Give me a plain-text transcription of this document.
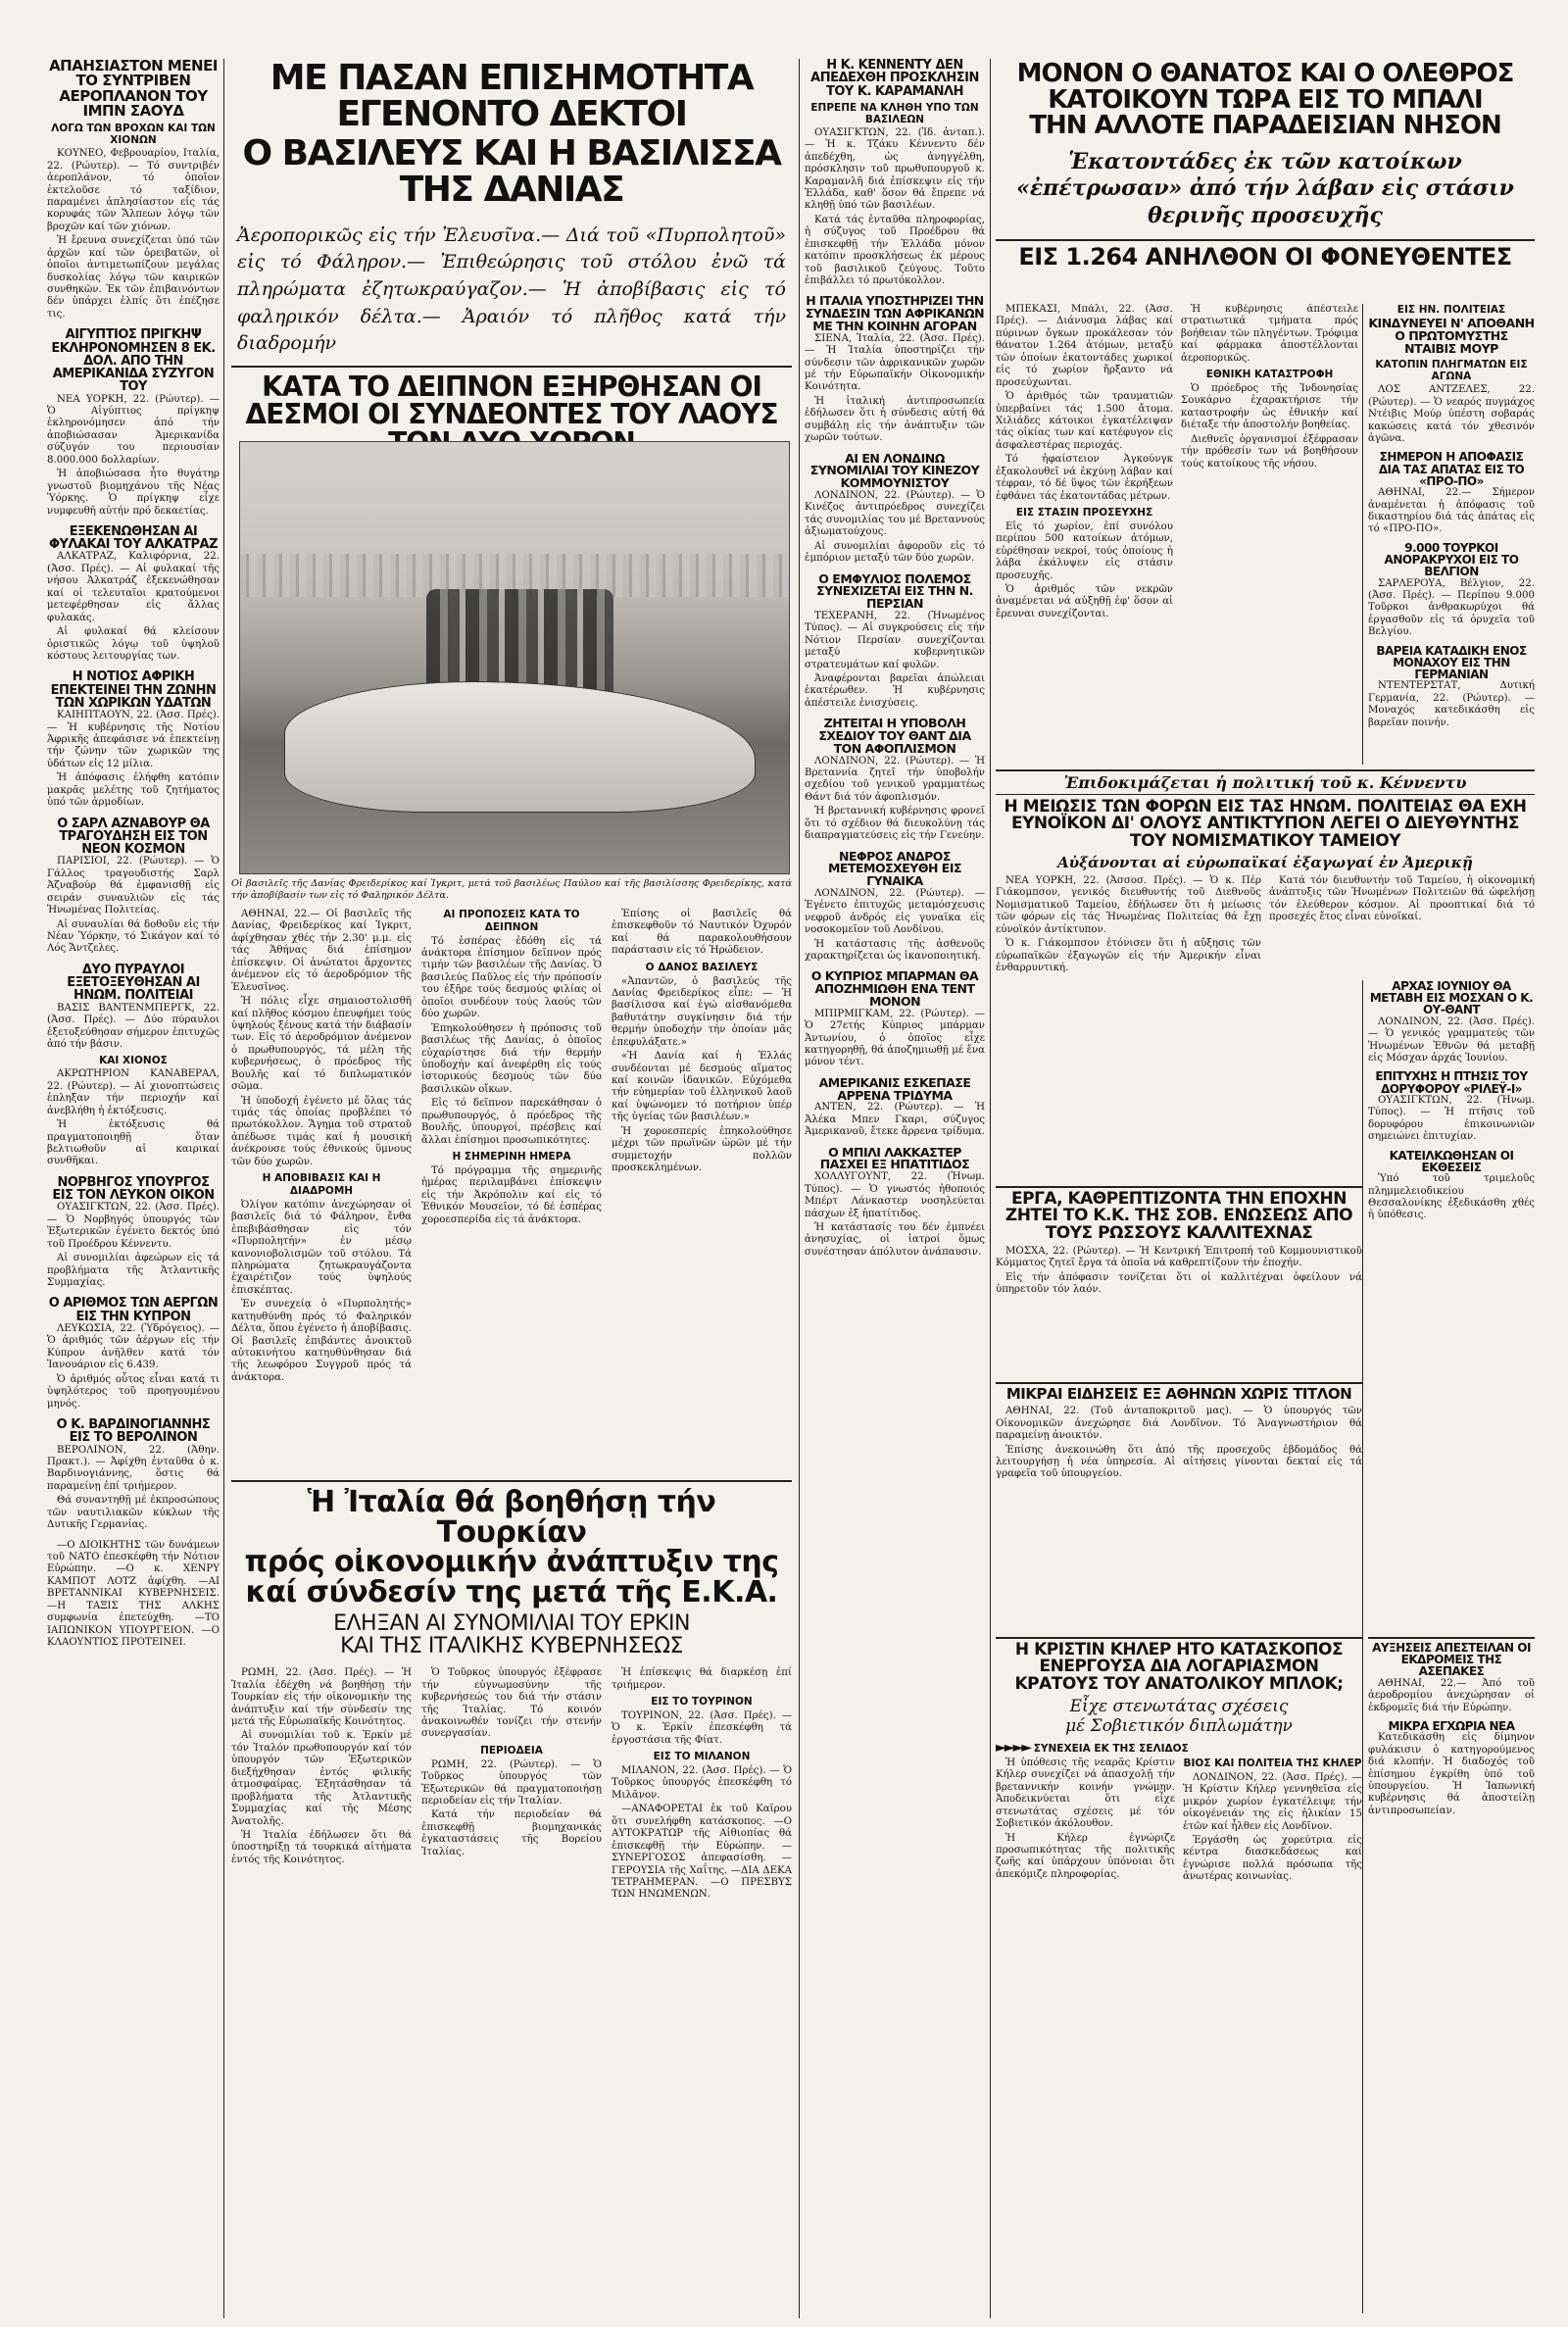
ΑΠΑΗΣΙΑΣΤΟΝ ΜΕΝΕΙ ΤΟ ΣΥΝΤΡΙΒΕΝ ΑΕΡΟΠΛΑΝΟΝ ΤΟΥ ΙΜΠΝ ΣΑΟΥΔ
ΛΟΓΩ ΤΩΝ ΒΡΟΧΩΝ ΚΑΙ ΤΩΝ ΧΙΟΝΩΝ

ΚΟΥΝΕΟ, Φεβρουαρίου, Ιταλία, 22. (Ρώυτερ). — Τό συντριβέν ἀεροπλάνον, τό ὁποῖον ἐκτελοῦσε τό ταξίδιον, παραμένει ἀπλησίαστον εἰς τάς κορυφάς τῶν Ἄλπεων λόγῳ τῶν βροχῶν καί τῶν χιόνων.

Ἡ ἔρευνα συνεχίζεται ὑπό τῶν ἀρχῶν καί τῶν ὀρειβατῶν, οἱ ὁποῖοι ἀντιμετωπίζουν μεγάλας δυσκολίας λόγῳ τῶν καιρικῶν συνθηκῶν. Ἐκ τῶν ἐπιβαινόντων δέν ὑπάρχει ἐλπίς ὅτι ἐπέζησε τις.

ΑΙΓΥΠΤΙΟΣ ΠΡΙΓΚΗΨ ΕΚΛΗΡΟΝΟΜΗΣΕΝ 8 ΕΚ. ΔΟΛ. ΑΠΟ ΤΗΝ ΑΜΕΡΙΚΑΝΙΔΑ ΣΥΖΥΓΟΝ ΤΟΥ

ΝΕΑ ΥΟΡΚΗ, 22. (Ρώυτερ). — Ὁ Αἰγύπτιος πρίγκηψ ἐκληρονόμησεν ἀπό τήν ἀποβιώσασαν Ἀμερικανίδα σύζυγόν του περιουσίαν 8.000.000 δολλαρίων.

Ἡ ἀποβιώσασα ἦτο θυγάτηρ γνωστοῦ βιομηχάνου τῆς Νέας Ὑόρκης. Ὁ πρίγκηψ εἶχε νυμφευθῆ αὐτήν πρό δεκαετίας.

ΕΞΕΚΕΝΩΘΗΣΑΝ ΑΙ ΦΥΛΑΚΑΙ ΤΟΥ ΑΛΚΑΤΡΑΖ

ΑΛΚΑΤΡΑΖ, Καλιφόρνια, 22. (Ἀσσ. Πρές). — Αἱ φυλακαί τῆς νήσου Ἀλκατράζ ἐξεκενώθησαν καί οἱ τελευταῖοι κρατούμενοι μετεφέρθησαν εἰς ἄλλας φυλακάς.

Αἱ φυλακαί θά κλείσουν ὁριστικῶς λόγῳ τοῦ ὑψηλοῦ κόστους λειτουργίας των.

Η ΝΟΤΙΟΣ ΑΦΡΙΚΗ ΕΠΕΚΤΕΙΝΕΙ ΤΗΝ ΖΩΝΗΝ ΤΩΝ ΧΩΡΙΚΩΝ ΥΔΑΤΩΝ

ΚΑΙΗΠΤΑΟΥΝ, 22. (Ἀσσ. Πρές). — Ἡ κυβέρνησις τῆς Νοτίου Ἀφρικῆς ἀπεφάσισε νά ἐπεκτείνῃ τήν ζώνην τῶν χωρικῶν της ὑδάτων εἰς 12 μίλια.

Ἡ ἀπόφασις ἐλήφθη κατόπιν μακρᾶς μελέτης τοῦ ζητήματος ὑπό τῶν ἁρμοδίων.

Ο ΣΑΡΛ ΑΖΝΑΒΟΥΡ ΘΑ ΤΡΑΓΟΥΔΗΣΗ ΕΙΣ ΤΟΝ ΝΕΟΝ ΚΟΣΜΟΝ

ΠΑΡΙΣΙΟΙ, 22. (Ρώυτερ). — Ὁ Γάλλος τραγουδιστής Σαρλ Ἀζναβούρ θά ἐμφανισθῇ εἰς σειράν συναυλιῶν εἰς τάς Ἡνωμένας Πολιτείας.

Αἱ συναυλίαι θά δοθοῦν εἰς τήν Νέαν Ὑόρκην, τό Σικάγον καί τό Λός Ἄντζελες.

ΔΥΟ ΠΥΡΑΥΛΟΙ ΕΞΕΤΟΞΕΥΘΗΣΑΝ ΑΙ ΗΝΩΜ. ΠΟΛΙΤΕΙΑΙ

ΒΑΣΙΣ ΒΑΝΤΕΝΜΠΕΡΓΚ, 22. (Ἀσσ. Πρές). — Δύο πύραυλοι ἐξετοξεύθησαν σήμερον ἐπιτυχῶς ἀπό τήν βάσιν.

ΚΑΙ ΧΙΟΝΟΣ

ΑΚΡΩΤΗΡΙΟΝ ΚΑΝΑΒΕΡΑΛ, 22. (Ρώυτερ). — Αἱ χιονοπτώσεις ἐπληξαν τήν περιοχήν καί ἀνεβλήθη ἡ ἐκτόξευσις.

Ἡ ἐκτόξευσις θά πραγματοποιηθῇ ὅταν βελτιωθοῦν αἱ καιρικαί συνθῆκαι.

ΝΟΡΒΗΓΟΣ ΥΠΟΥΡΓΟΣ ΕΙΣ ΤΟΝ ΛΕΥΚΟΝ ΟΙΚΟΝ

ΟΥΑΣΙΓΚΤΩΝ, 22. (Ἀσσ. Πρές). — Ὁ Νορβηγός ὑπουργός τῶν Ἐξωτερικῶν ἐγένετο δεκτός ὑπό τοῦ Προέδρου Κέννεντυ.

Αἱ συνομιλίαι ἀφεώρων εἰς τά προβλήματα τῆς Ἀτλαντικῆς Συμμαχίας.

Ο ΑΡΙΘΜΟΣ ΤΩΝ ΑΕΡΓΩΝ ΕΙΣ ΤΗΝ ΚΥΠΡΟΝ

ΛΕΥΚΩΣΙΑ, 22. (Ὑδρόγειος). — Ὁ ἀριθμός τῶν ἀέργων εἰς τήν Κύπρον ἀνῆλθεν κατά τόν Ἰανουάριον εἰς 6.439.

Ὁ ἀριθμός οὗτος εἶναι κατά τι ὑψηλότερος τοῦ προηγουμένου μηνός.

Ο Κ. ΒΑΡΔΙΝΟΓΙΑΝΝΗΣ ΕΙΣ ΤΟ ΒΕΡΟΛΙΝΟΝ

ΒΕΡΟΛΙΝΟΝ, 22. (Ἀθην. Πρακτ.). — Ἀφίχθη ἐνταῦθα ὁ κ. Βαρδινογιάννης, ὅστις θά παραμείνῃ ἐπί τριήμερον.

Θά συναντηθῇ μέ ἐκπροσώπους τῶν ναυτιλιακῶν κύκλων τῆς Δυτικῆς Γερμανίας.

—Ο ΔΙΟΙΚΗΤΗΣ τῶν δυνάμεων τοῦ ΝΑΤΟ ἐπεσκέφθη τήν Νότιον Εὐρώπην. —Ο κ. ΧΕΝΡΥ ΚΑΜΠΟΤ ΛΟΤΖ ἀφίχθη. —ΑΙ ΒΡΕΤΑΝΝΙΚΑΙ ΚΥΒΕΡΝΗΣΕΙΣ. —Η ΤΑΞΙΣ ΤΗΣ ΑΛΚΗΣ συμφωνία ἐπετεύχθη. —ΤΟ ΙΑΠΩΝΙΚΟΝ ΥΠΟΥΡΓΕΙΟΝ. —Ο ΚΛΑΟΥΝΤΙΟΣ ΠΡΟΤΕΙΝΕΙ.

ΜΕ ΠΑΣΑΝ ΕΠΙΣΗΜΟΤΗΤΑ ΕΓΕΝΟΝΤΟ ΔΕΚΤΟΙ
Ο ΒΑΣΙΛΕΥΣ ΚΑΙ Η ΒΑΣΙΛΙΣΣΑ ΤΗΣ ΔΑΝΙΑΣ
Ἀεροπορικῶς εἰς τήν Ἐλευσῖνα.— Διά τοῦ «Πυρπολητοῦ» εἰς τό Φάληρον.— Ἐπιθεώρησις τοῦ στόλου ἐνῶ τά πληρώματα ἐζητωκραύγαζον.— Ἡ ἀποβίβασις εἰς τό φαληρικόν δέλτα.— Ἀραιόν τό πλῆθος κατά τήν διαδρομήν
ΚΑΤΑ ΤΟ ΔΕΙΠΝΟΝ ΕΞΗΡΘΗΣΑΝ ΟΙ ΔΕΣΜΟΙ ΟΙ ΣΥΝΔΕΟΝΤΕΣ ΤΟΥ ΛΑΟΥΣ
Οἱ βασιλεῖς τῆς Δανίας Φρειδερίκος καί Ἰγκριτ, μετά τοῦ βασιλέως Παύλου καί τῆς βασιλίσσης Φρειδερίκης, κατά τήν ἀποβίβασίν των εἰς τό Φαληρικόν Δέλτα.

ΑΘΗΝΑΙ, 22.— Οἱ βασιλεῖς τῆς Δανίας, Φρειδερίκος καί Ἰγκριτ, ἀφίχθησαν χθές τήν 2.30' μ.μ. εἰς τάς Ἀθήνας διά ἐπίσημον ἐπίσκεψιν. Οἱ ἀνώτατοι ἄρχοντες ἀνέμενον εἰς τό ἀεροδρόμιον τῆς Ἐλευσῖνος.

Ἡ πόλις εἶχε σημαιοστολισθῆ καί πλῆθος κόσμου ἐπευφήμει τούς ὑψηλούς ξένους κατά τήν διάβασίν των. Εἰς τό ἀεροδρόμιον ἀνέμενον ὁ πρωθυπουργός, τά μέλη τῆς κυβερνήσεως, ὁ πρόεδρος τῆς Βουλῆς καί τό διπλωματικόν σῶμα.

Ἡ ὑποδοχή ἐγένετο μέ ὅλας τάς τιμάς τάς ὁποίας προβλέπει τό πρωτόκολλον. Ἄγημα τοῦ στρατοῦ ἀπέδωσε τιμάς καί ἡ μουσική ἀνέκρουσε τούς ἐθνικούς ὕμνους τῶν δύο χωρῶν.

Η ΑΠΟΒΙΒΑΣΙΣ ΚΑΙ Η ΔΙΑΔΡΟΜΗ

Ὀλίγον κατόπιν ἀνεχώρησαν οἱ βασιλεῖς διά τό Φάληρον, ἔνθα ἐπεβιβάσθησαν εἰς τόν «Πυρπολητήν» ἐν μέσῳ κανονιοβολισμῶν τοῦ στόλου. Τά πληρώματα ζητωκραυγάζοντα ἐχαιρέτιζον τούς ὑψηλούς ἐπισκέπτας.

Ἐν συνεχείᾳ ὁ «Πυρπολητής» κατηυθύνθη πρός τό Φαληρικόν Δέλτα, ὅπου ἐγένετο ἡ ἀποβίβασις. Οἱ βασιλεῖς ἐπιβάντες ἀνοικτοῦ αὐτοκινήτου κατηυθύνθησαν διά τῆς λεωφόρου Συγγροῦ πρός τά ἀνάκτορα.

ΑΙ ΠΡΟΠΟΣΕΙΣ ΚΑΤΑ ΤΟ ΔΕΙΠΝΟΝ

Τό ἑσπέρας ἐδόθη εἰς τά ἀνάκτορα ἐπίσημον δεῖπνον πρός τιμήν τῶν βασιλέων τῆς Δανίας. Ὁ βασιλεύς Παῦλος εἰς τήν πρόποσίν του ἐξῆρε τούς δεσμούς φιλίας οἱ ὁποῖοι συνδέουν τούς λαούς τῶν δύο χωρῶν.

Ἐπηκολούθησεν ἡ πρόποσις τοῦ βασιλέως τῆς Δανίας, ὁ ὁποῖος εὐχαρίστησε διά τήν θερμήν ὑποδοχήν καί ἀνεφέρθη εἰς τούς ἱστορικούς δεσμούς τῶν δύο βασιλικῶν οἴκων.

Εἰς τό δεῖπνον παρεκάθησαν ὁ πρωθυπουργός, ὁ πρόεδρος τῆς Βουλῆς, ὑπουργοί, πρέσβεις καί ἄλλαι ἐπίσημοι προσωπικότητες.

Η ΣΗΜΕΡΙΝΗ ΗΜΕΡΑ

Τό πρόγραμμα τῆς σημερινῆς ἡμέρας περιλαμβάνει ἐπίσκεψιν εἰς τήν Ἀκρόπολιν καί εἰς τό Ἐθνικόν Μουσεῖον, τό δέ ἑσπέρας χοροεσπερίδα εἰς τά ἀνάκτορα.

Ἐπίσης οἱ βασιλεῖς θά ἐπισκεφθοῦν τό Ναυτικόν Ὀχυρόν καί θά παρακολουθήσουν παράστασιν εἰς τό Ἡρώδειον.

Ο ΔΑΝΟΣ ΒΑΣΙΛΕΥΣ

«Ἀπαντῶν, ὁ βασιλεύς τῆς Δανίας Φρειδερίκος εἶπε: — Ἡ βασίλισσα καί ἐγώ αἰσθανόμεθα βαθυτάτην συγκίνησιν διά τήν θερμήν ὑποδοχήν τήν ὁποίαν μᾶς ἐπεφυλάξατε.»

«Ἡ Δανία καί ἡ Ἑλλάς συνδέονται μέ δεσμούς αἵματος καί κοινῶν ἰδανικῶν. Εὐχόμεθα τήν εὐημερίαν τοῦ ἑλληνικοῦ λαοῦ καί ὑψώνομεν τό ποτήριον ὑπέρ τῆς ὑγείας τῶν βασιλέων.»

Ἡ χοροεσπερίς ἐπηκολούθησε μέχρι τῶν πρωϊνῶν ὡρῶν μέ τήν συμμετοχήν πολλῶν προσκεκλημένων.

Ἡ Ἰταλία θά βοηθήσῃ τήν Τουρκίαν
πρός οἰκονομικήν ἀνάπτυξιν της
καί σύνδεσίν της μετά τῆς Ε.Κ.Α.
ΕΛΗΞΑΝ ΑΙ ΣΥΝΟΜΙΛΙΑΙ ΤΟΥ ΕΡΚΙΝ
ΚΑΙ ΤΗΣ ΙΤΑΛΙΚΗΣ ΚΥΒΕΡΝΗΣΕΩΣ

ΡΩΜΗ, 22. (Ἀσσ. Πρές). — Ἡ Ἰταλία ἐδέχθη νά βοηθήσῃ τήν Τουρκίαν εἰς τήν οἰκονομικήν της ἀνάπτυξιν καί τήν σύνδεσίν της μετά τῆς Εὐρωπαϊκῆς Κοινότητος.

Αἱ συνομιλίαι τοῦ κ. Ἐρκίν μέ τόν Ἰταλόν πρωθυπουργόν καί τόν ὑπουργόν τῶν Ἐξωτερικῶν διεξήχθησαν ἐντός φιλικῆς ἀτμοσφαίρας. Ἐξητάσθησαν τά προβλήματα τῆς Ἀτλαντικῆς Συμμαχίας καί τῆς Μέσης Ἀνατολῆς.

Ἡ Ἰταλία ἐδήλωσεν ὅτι θά ὑποστηρίξῃ τά τουρκικά αἰτήματα ἐντός τῆς Κοινότητος.

Ὁ Τοῦρκος ὑπουργός ἐξέφρασε τήν εὐγνωμοσύνην τῆς κυβερνήσεώς του διά τήν στάσιν τῆς Ἰταλίας. Τό κοινόν ἀνακοινωθέν τονίζει τήν στενήν συνεργασίαν.

ΠΕΡΙΟΔΕΙΑ

ΡΩΜΗ, 22. (Ρώυτερ). — Ὁ Τοῦρκος ὑπουργός τῶν Ἐξωτερικῶν θά πραγματοποιήσῃ περιοδείαν εἰς τήν Ἰταλίαν.

Κατά τήν περιοδείαν θά ἐπισκεφθῇ βιομηχανικάς ἐγκαταστάσεις τῆς Βορείου Ἰταλίας.

Ἡ ἐπίσκεψις θά διαρκέσῃ ἐπί τριήμερον.

ΕΙΣ ΤΟ ΤΟΥΡΙΝΟΝ

ΤΟΥΡΙΝΟΝ, 22. (Ἀσσ. Πρές). — Ὁ κ. Ἐρκίν ἐπεσκέφθη τά ἐργοστάσια τῆς Φίατ.

ΕΙΣ ΤΟ ΜΙΛΑΝΟΝ

ΜΙΛΑΝΟΝ, 22. (Ἀσσ. Πρές). — Ὁ Τοῦρκος ὑπουργός ἐπεσκέφθη τό Μιλᾶνον.

—ΑΝΑΦΟΡΕΤΑΙ ἐκ τοῦ Καϊρου ὅτι συνελήφθη κατάσκοπος. —Ο ΑΥΤΟΚΡΑΤΩΡ τῆς Αἰθιοπίας θά ἐπισκεφθῇ τήν Εὐρώπην. —ΣΥΝΕΡΓΟΣΟΣ ἀπεφασίσθη. —ΓΕΡΟΥΣΙΑ τῆς Χαΐτης. —ΔΙΑ ΔΕΚΑ ΤΕΤΡΑΗΜΕΡΑΝ. —Ο ΠΡΕΣΒΥΣ ΤΩΝ ΗΝΩΜΕΝΩΝ.

Η Κ. ΚΕΝΝΕΝΤΥ ΔΕΝ ΑΠΕΔΕΧΘΗ ΠΡΟΣΚΛΗΣΙΝ ΤΟΥ Κ. ΚΑΡΑΜΑΝΛΗ
ΕΠΡΕΠΕ ΝΑ ΚΛΗΘΗ ΥΠΟ ΤΩΝ ΒΑΣΙΛΕΩΝ

ΟΥΑΣΙΓΚΤΩΝ, 22. (Ἰδ. ἀνταπ.). — Ἡ κ. Τζάκυ Κέννεντυ δέν ἀπεδέχθη, ὡς ἀνηγγέλθη, πρόσκλησιν τοῦ πρωθυπουργοῦ κ. Καραμανλῆ διά ἐπίσκεψιν εἰς τήν Ἑλλάδα, καθ' ὅσον θά ἔπρεπε νά κληθῇ ὑπό τῶν βασιλέων.

Κατά τάς ἐνταῦθα πληροφορίας, ἡ σύζυγος τοῦ Προέδρου θά ἐπισκεφθῇ τήν Ἑλλάδα μόνον κατόπιν προσκλήσεως ἐκ μέρους τοῦ βασιλικοῦ ζεύγους. Τοῦτο ἐπιβάλλει τό πρωτόκολλον.

Η ΙΤΑΛΙΑ ΥΠΟΣΤΗΡΙΖΕΙ ΤΗΝ ΣΥΝΔΕΣΙΝ ΤΩΝ ΑΦΡΙΚΑΝΩΝ ΜΕ ΤΗΝ ΚΟΙΝΗΝ ΑΓΟΡΑΝ

ΣΙΕΝΑ, Ἰταλία, 22. (Ἀσσ. Πρές). — Ἡ Ἰταλία ὑποστηρίζει τήν σύνδεσιν τῶν ἀφρικανικῶν χωρῶν μέ τήν Εὐρωπαϊκήν Οἰκονομικήν Κοινότητα.

Ἡ ἰταλική ἀντιπροσωπεία ἐδήλωσεν ὅτι ἡ σύνδεσις αὐτή θά συμβάλῃ εἰς τήν ἀνάπτυξιν τῶν χωρῶν τούτων.

ΑΙ ΕΝ ΛΟΝΔΙΝΩ ΣΥΝΟΜΙΛΙΑΙ ΤΟΥ ΚΙΝΕΖΟΥ ΚΟΜΜΟΥΝΙΣΤΟΥ

ΛΟΝΔΙΝΟΝ, 22. (Ρώυτερ). — Ὁ Κινέζος ἀντιπρόεδρος συνεχίζει τάς συνομιλίας του μέ Βρεταννούς ἀξιωματούχους.

Αἱ συνομιλίαι ἀφοροῦν εἰς τό ἐμπόριον μεταξύ τῶν δύο χωρῶν.

Ο ΕΜΦΥΛΙΟΣ ΠΟΛΕΜΟΣ ΣΥΝΕΧΙΖΕΤΑΙ ΕΙΣ ΤΗΝ Ν. ΠΕΡΣΙΑΝ

ΤΕΧΕΡΑΝΗ, 22. (Ἡνωμένος Τύπος). — Αἱ συγκρούσεις εἰς τήν Νότιον Περσίαν συνεχίζονται μεταξύ κυβερνητικῶν στρατευμάτων καί φυλῶν.

Ἀναφέρονται βαρεῖαι ἀπώλειαι ἑκατέρωθεν. Ἡ κυβέρνησις ἀπέστειλε ἐνισχύσεις.

ΖΗΤΕΙΤΑΙ Η ΥΠΟΒΟΛΗ ΣΧΕΔΙΟΥ ΤΟΥ ΘΑΝΤ ΔΙΑ ΤΟΝ ΑΦΟΠΛΙΣΜΟΝ

ΛΟΝΔΙΝΟΝ, 22. (Ρώυτερ). — Ἡ Βρεταννία ζητεῖ τήν ὑποβολήν σχεδίου τοῦ γενικοῦ γραμματέως Θάντ διά τόν ἀφοπλισμόν.

Ἡ βρεταννική κυβέρνησις φρονεῖ ὅτι τό σχέδιον θά διευκολύνῃ τάς διαπραγματεύσεις εἰς τήν Γενεύην.

ΝΕΦΡΟΣ ΑΝΔΡΟΣ ΜΕΤΕΜΟΣΧΕΥΘΗ ΕΙΣ ΓΥΝΑΙΚΑ

ΛΟΝΔΙΝΟΝ, 22. (Ρώυτερ). — Ἐγένετο ἐπιτυχῶς μεταμόσχευσις νεφροῦ ἀνδρός εἰς γυναῖκα εἰς νοσοκομεῖον τοῦ Λονδίνου.

Ἡ κατάστασις τῆς ἀσθενοῦς χαρακτηρίζεται ὡς ἱκανοποιητική.

Ο ΚΥΠΡΙΟΣ ΜΠΑΡΜΑΝ ΘΑ ΑΠΟΖΗΜΙΩΘΗ ΕΝΑ ΤΕΝΤ ΜΟΝΟΝ

ΜΠΙΡΜΙΓΚΑΜ, 22. (Ρώυτερ). — Ὁ 27ετής Κύπριος μπάρμαν Ἀντωνίου, ὁ ὁποῖος εἶχε κατηγορηθῇ, θά ἀποζημιωθῇ μέ ἕνα μόνον τέντ.

ΑΜΕΡΙΚΑΝΙΣ ΕΣΚΕΠΑΣΕ ΑΡΡΕΝΑ ΤΡΙΔΥΜΑ

ΑΝΤΕΝ, 22. (Ρώυτερ). — Ἡ Ἀλέκα Μπεν Γκαρι, σύζυγος Ἀμερικανοῦ, ἔτεκε ἄρρενα τρίδυμα.

Ο ΜΠΙΛΙ ΛΑΚΚΑΣΤΕΡ ΠΑΣΧΕΙ ΕΞ ΗΠΑΤΙΤΙΔΟΣ

ΧΟΛΛΥΓΟΥΝΤ, 22. (Ἡνωμ. Τύπος). — Ὁ γνωστός ἠθοποιός Μπέρτ Λάνκαστερ νοσηλεύεται πάσχων ἐξ ἡπατίτιδος.

Ἡ κατάστασίς του δέν ἐμπνέει ἀνησυχίας, οἱ ἰατροί ὅμως συνέστησαν ἀπόλυτον ἀνάπαυσιν.

ΜΟΝΟΝ Ο ΘΑΝΑΤΟΣ ΚΑΙ Ο ΟΛΕΘΡΟΣ
ΚΑΤΟΙΚΟΥΝ ΤΩΡΑ ΕΙΣ ΤΟ ΜΠΑΛΙ
ΤΗΝ ΑΛΛΟΤΕ ΠΑΡΑΔΕΙΣΙΑΝ ΝΗΣΟΝ
Ἑκατοντάδες ἐκ τῶν κατοίκων «ἐπέτρωσαν» ἀπό τήν λάβαν εἰς στάσιν θερινῆς προσευχῆς
ΕΙΣ 1.264 ΑΝΗΛΘΟΝ ΟΙ ΦΟΝΕΥΘΕΝΤΕΣ

ΜΠΕΚΑΣΙ, Μπάλι, 22. (Ἀσσ. Πρές). — Διάνυσμα λάβας καί πύρινων ὄγκων προκάλεσαν τόν θάνατον 1.264 ἀτόμων, μεταξύ τῶν ὁποίων ἑκατοντάδες χωρικοί εἰς τό χωρίον ἤρξαντο νά προσεύχωνται.

Ὁ ἀριθμός τῶν τραυματιῶν ὑπερβαίνει τάς 1.500 ἄτομα. Χιλιάδες κάτοικοι ἐγκατέλειψαν τάς οἰκίας των καί κατέφυγον εἰς ἀσφαλεστέρας περιοχάς.

Τό ἡφαίστειον Ἀγκούνγκ ἐξακολουθεῖ νά ἐκχύνῃ λάβαν καί τέφραν, τό δέ ὕψος τῶν ἐκρήξεων ἐφθάνει τάς ἑκατοντάδας μέτρων.

ΕΙΣ ΣΤΑΣΙΝ ΠΡΟΣΕΥΧΗΣ

Εἰς τό χωρίον, ἐπί συνόλου περίπου 500 κατοίκων ἀτόμων, εὑρέθησαν νεκροί, τούς ὁποίους ἡ λάβα ἐκάλυψεν εἰς στάσιν προσευχῆς.

Ὁ ἀριθμός τῶν νεκρῶν ἀναμένεται νά αὐξηθῇ ἐφ' ὅσον αἱ ἔρευναι συνεχίζονται.

Ἡ κυβέρνησις ἀπέστειλε στρατιωτικά τμήματα πρός βοήθειαν τῶν πληγέντων. Τρόφιμα καί φάρμακα ἀποστέλλονται ἀεροπορικῶς.

ΕΘΝΙΚΗ ΚΑΤΑΣΤΡΟΦΗ

Ὁ πρόεδρος τῆς Ἰνδονησίας Σουκάρνο ἐχαρακτήρισε τήν καταστροφήν ὡς ἐθνικήν καί διέταξε τήν ἀποστολήν βοηθείας.

Διεθνεῖς ὀργανισμοί ἐξέφρασαν τήν πρόθεσίν των νά βοηθήσουν τούς κατοίκους τῆς νήσου.

ΕΙΣ ΗΝ. ΠΟΛΙΤΕΙΑΣ
ΚΙΝΔΥΝΕΥΕΙ Ν' ΑΠΟΘΑΝΗ Ο ΠΡΩΤΟΜΥΣΤΗΣ ΝΤΑΙΒΙΣ ΜΟΥΡ
ΚΑΤΟΠΙΝ ΠΛΗΓΜΑΤΩΝ ΕΙΣ ΑΓΩΝΑ

ΛΟΣ ΑΝΤΖΕΛΕΣ, 22. (Ρώυτερ). — Ὁ νεαρός πυγμάχος Ντέιβις Μούρ ὑπέστη σοβαράς κακώσεις κατά τόν χθεσινόν ἀγῶνα.

ΣΗΜΕΡΟΝ Η ΑΠΟΦΑΣΙΣ ΔΙΑ ΤΑΣ ΑΠΑΤΑΣ ΕΙΣ ΤΟ «ΠΡΟ-ΠΟ»

ΑΘΗΝΑΙ, 22.— Σήμερον ἀναμένεται ἡ ἀπόφασις τοῦ δικαστηρίου διά τάς ἀπάτας εἰς τό «ΠΡΟ-ΠΟ».

9.000 ΤΟΥΡΚΟΙ ΑΝΟΡΑΚΡΥΧΟΙ ΕΙΣ ΤΟ ΒΕΛΓΙΟΝ

ΣΑΡΛΕΡΟΥΑ, Βέλγιον, 22. (Ἀσσ. Πρές). — Περίπου 9.000 Τοῦρκοι ἀνθρακωρύχοι θά ἐργασθοῦν εἰς τά ὀρυχεῖα τοῦ Βελγίου.

ΒΑΡΕΙΑ ΚΑΤΑΔΙΚΗ ΕΝΟΣ ΜΟΝΑΧΟΥ ΕΙΣ ΤΗΝ ΓΕΡΜΑΝΙΑΝ

ΝΤΕΝΤΕΡΣΤΑΤ, Δυτική Γερμανία, 22. (Ρώυτερ). — Μοναχός κατεδικάσθη εἰς βαρεῖαν ποινήν.

Ἐπιδοκιμάζεται ἡ πολιτική τοῦ κ. Κέννεντυ
Η ΜΕΙΩΣΙΣ ΤΩΝ ΦΟΡΩΝ ΕΙΣ ΤΑΣ ΗΝΩΜ. ΠΟΛΙΤΕΙΑΣ ΘΑ ΕΧΗ ΕΥΝΟΪΚΟΝ ΔΙ' ΟΛΟΥΣ ΑΝΤΙΚΤΥΠΟΝ ΛΕΓΕΙ Ο ΔΙΕΥΘΥΝΤΗΣ ΤΟΥ ΝΟΜΙΣΜΑΤΙΚΟΥ ΤΑΜΕΙΟΥ
Αὐξάνονται αἱ εὐρωπαϊκαί ἐξαγωγαί ἐν Ἀμερικῇ

ΝΕΑ ΥΟΡΚΗ, 22. (Ἀσσοσ. Πρές). — Ὁ κ. Πέρ Γιάκομπσον, γενικός διευθυντής τοῦ Διεθνοῦς Νομισματικοῦ Ταμείου, ἐδήλωσεν ὅτι ἡ μείωσις τῶν φόρων εἰς τάς Ἡνωμένας Πολιτείας θά ἔχῃ εὐνοϊκόν ἀντίκτυπον.

Ὁ κ. Γιάκομπσον ἐτόνισεν ὅτι ἡ αὔξησις τῶν εὐρωπαϊκῶν ἐξαγωγῶν εἰς τήν Ἀμερικήν εἶναι ἐνθαρρυντική.

Κατά τόν διευθυντήν τοῦ Ταμείου, ἡ οἰκονομική ἀνάπτυξις τῶν Ἡνωμένων Πολιτειῶν θά ὠφελήσῃ τόν ἐλεύθερον κόσμον. Αἱ προοπτικαί διά τό προσεχές ἔτος εἶναι εὐνοϊκαί.

ΑΡΧΑΣ ΙΟΥΝΙΟΥ ΘΑ ΜΕΤΑΒΗ ΕΙΣ ΜΟΣΧΑΝ Ο Κ. ΟΥ-ΘΑΝΤ

ΛΟΝΔΙΝΟΝ, 22. (Ἀσσ. Πρές). — Ὁ γενικός γραμματεύς τῶν Ἡνωμένων Ἐθνῶν θά μεταβῇ εἰς Μόσχαν ἀρχάς Ἰουνίου.

ΕΠΙΤΥΧΗΣ Η ΠΤΗΣΙΣ ΤΟΥ ΔΟΡΥΦΟΡΟΥ «ΡΙΛΕΫ-Ι»

ΟΥΑΣΙΓΚΤΩΝ, 22. (Ἡνωμ. Τύπος). — Ἡ πτῆσις τοῦ δορυφόρου ἐπικοινωνιῶν σημειώνει ἐπιτυχίαν.

ΚΑΤΕΙΛΚΩΘΗΣΑΝ ΟΙ ΕΚΘΕΣΕΙΣ

Ὑπό τοῦ τριμελοῦς πλημμελειοδικείου Θεσσαλονίκης ἐξεδικάσθη χθές ἡ ὑπόθεσις.

ΕΡΓΑ, ΚΑΘΡΕΠΤΙΖΟΝΤΑ ΤΗΝ ΕΠΟΧΗΝ ΖΗΤΕΙ ΤΟ Κ.Κ. ΤΗΣ ΣΟΒ. ΕΝΩΣΕΩΣ ΑΠΟ ΤΟΥΣ ΡΩΣΣΟΥΣ ΚΑΛΛΙΤΕΧΝΑΣ

ΜΟΣΧΑ, 22. (Ρώυτερ). — Ἡ Κεντρική Ἐπιτροπή τοῦ Κομμουνιστικοῦ Κόμματος ζητεῖ ἔργα τά ὁποῖα νά καθρεπτίζουν τήν ἐποχήν.

Εἰς τήν ἀπόφασιν τονίζεται ὅτι οἱ καλλιτέχναι ὀφείλουν νά ὑπηρετοῦν τόν λαόν.

ΜΙΚΡΑΙ ΕΙΔΗΣΕΙΣ ΕΞ ΑΘΗΝΩΝ ΧΩΡΙΣ ΤΙΤΛΟΝ

ΑΘΗΝΑΙ, 22. (Τοῦ ἀνταποκριτοῦ μας). — Ὁ ὑπουργός τῶν Οἰκονομικῶν ἀνεχώρησε διά Λονδῖνον. Τό Ἀναγνωστήριον θά παραμείνῃ ἀνοικτόν.

Ἐπίσης ἀνεκοινώθη ὅτι ἀπό τῆς προσεχοῦς ἑβδομάδος θά λειτουργήσῃ ἡ νέα ὑπηρεσία. Αἱ αἰτήσεις γίνονται δεκταί εἰς τά γραφεῖα τοῦ ὑπουργείου.

Η ΚΡΙΣΤΙΝ ΚΗΛΕΡ ΗΤΟ ΚΑΤΑΣΚΟΠΟΣ ΕΝΕΡΓΟΥΣΑ ΔΙΑ ΛΟΓΑΡΙΑΣΜΟΝ ΚΡΑΤΟΥΣ ΤΟΥ ΑΝΑΤΟΛΙΚΟΥ ΜΠΛΟΚ;
Εἶχε στενωτάτας σχέσεις
μέ Σοβιετικόν διπλωμάτην
►►►► ΣΥΝΕΧΕΙΑ ΕΚ ΤΗΣ ΣΕΛΙΔΟΣ

Ἡ ὑπόθεσις τῆς νεαρᾶς Κρίστιν Κήλερ συνεχίζει νά ἀπασχολῇ τήν βρεταννικήν κοινήν γνώμην. Ἀποδεικνύεται ὅτι εἶχε στενωτάτας σχέσεις μέ τόν Σοβιετικόν ἀκόλουθον.

Ἡ Κήλερ ἐγνώριζε προσωπικότητας τῆς πολιτικῆς ζωῆς καί ὑπάρχουν ὑπόνοιαι ὅτι ἀπεκόμιζε πληροφορίας.

ΒΙΟΣ ΚΑΙ ΠΟΛΙΤΕΙΑ ΤΗΣ ΚΗΛΕΡ

ΛΟΝΔΙΝΟΝ, 22. (Ἀσσ. Πρές). — Ἡ Κρίστιν Κήλερ γεννηθεῖσα εἰς μικρόν χωρίον ἐγκατέλειψε τήν οἰκογένειάν της εἰς ἡλικίαν 15 ἐτῶν καί ἦλθεν εἰς Λονδῖνον.

Ἐργάσθη ὡς χορεύτρια εἰς κέντρα διασκεδάσεως καί ἐγνώρισε πολλά πρόσωπα τῆς ἀνωτέρας κοινωνίας.

ΑΥΞΗΣΕΙΣ ΑΠΕΣΤΕΙΛΑΝ ΟΙ ΕΚΔΡΟΜΕΙΣ ΤΗΣ ΑΣΕΠΑΚΕΣ

ΑΘΗΝΑΙ, 22.— Ἀπό τοῦ ἀεροδρομίου ἀνεχώρησαν οἱ ἐκδρομεῖς διά τήν Εὐρώπην.

ΜΙΚΡΑ ΕΓΧΩΡΙΑ ΝΕΑ

Κατεδικάσθη εἰς δίμηνον φυλάκισιν ὁ κατηγορούμενος διά κλοπήν. Ἡ διαδοχός τοῦ ἐπίσημου ἐγκρίθη ὑπό τοῦ ὑπουργείου. Ἡ Ἰαπωνική κυβέρνησις θά ἀποστείλῃ ἀντιπροσωπείαν.
